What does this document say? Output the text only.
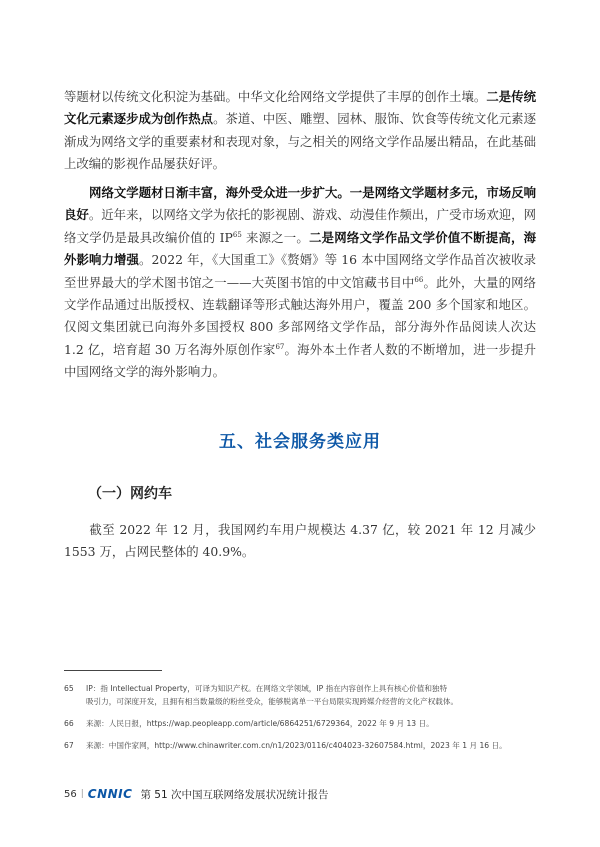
等题材以传统文化积淀为基础。中华文化给网络文学提供了丰厚的创作土壤。二是传统文化元素逐步成为创作热点。茶道、中医、雕塑、园林、服饰、饮食等传统文化元素逐渐成为网络文学的重要素材和表现对象，与之相关的网络文学作品屡出精品，在此基础上改编的影视作品屡获好评。
网络文学题材日渐丰富，海外受众进一步扩大。一是网络文学题材多元，市场反响良好。近年来，以网络文学为依托的影视剧、游戏、动漫佳作频出，广受市场欢迎，网络文学仍是最具改编价值的 IP$^{65}$ 来源之一。二是网络文学作品文学价值不断提高，海外影响力增强。2022 年，《大国重工》《赘婿》等 16 本中国网络文学作品首次被收录至世界最大的学术图书馆之一——大英图书馆的中文馆藏书目中$^{66}$。此外，大量的网络文学作品通过出版授权、连载翻译等形式触达海外用户，覆盖 200 多个国家和地区。仅阅文集团就已向海外多国授权 800 多部网络文学作品，部分海外作品阅读人次达 1.2 亿，培育超 30 万名海外原创作家$^{67}$。海外本土作者人数的不断增加，进一步提升中国网络文学的海外影响力。
五、社会服务类应用
（一）网约车
截至 2022 年 12 月，我国网约车用户规模达 4.37 亿，较 2021 年 12 月减少 1553 万，占网民整体的 40.9%。
65 IP：指 Intellectual Property，可译为知识产权。在网络文学领域，IP 指在内容创作上具有核心价值和独特
吸引力，可深度开发，且拥有相当数量级的粉丝受众，能够脱离单一平台局限实现跨媒介经营的文化产权载体。
66 来源：人民日报，https://wap.peopleapp.com/article/6864251/6729364，2022 年 9 月 13 日。
67 来源：中国作家网，http://www.chinawriter.com.cn/n1/2023/0116/c404023-32607584.html，2023 年 1 月 16 日。
56 | CNNIC 第 51 次中国互联网络发展状况统计报告
